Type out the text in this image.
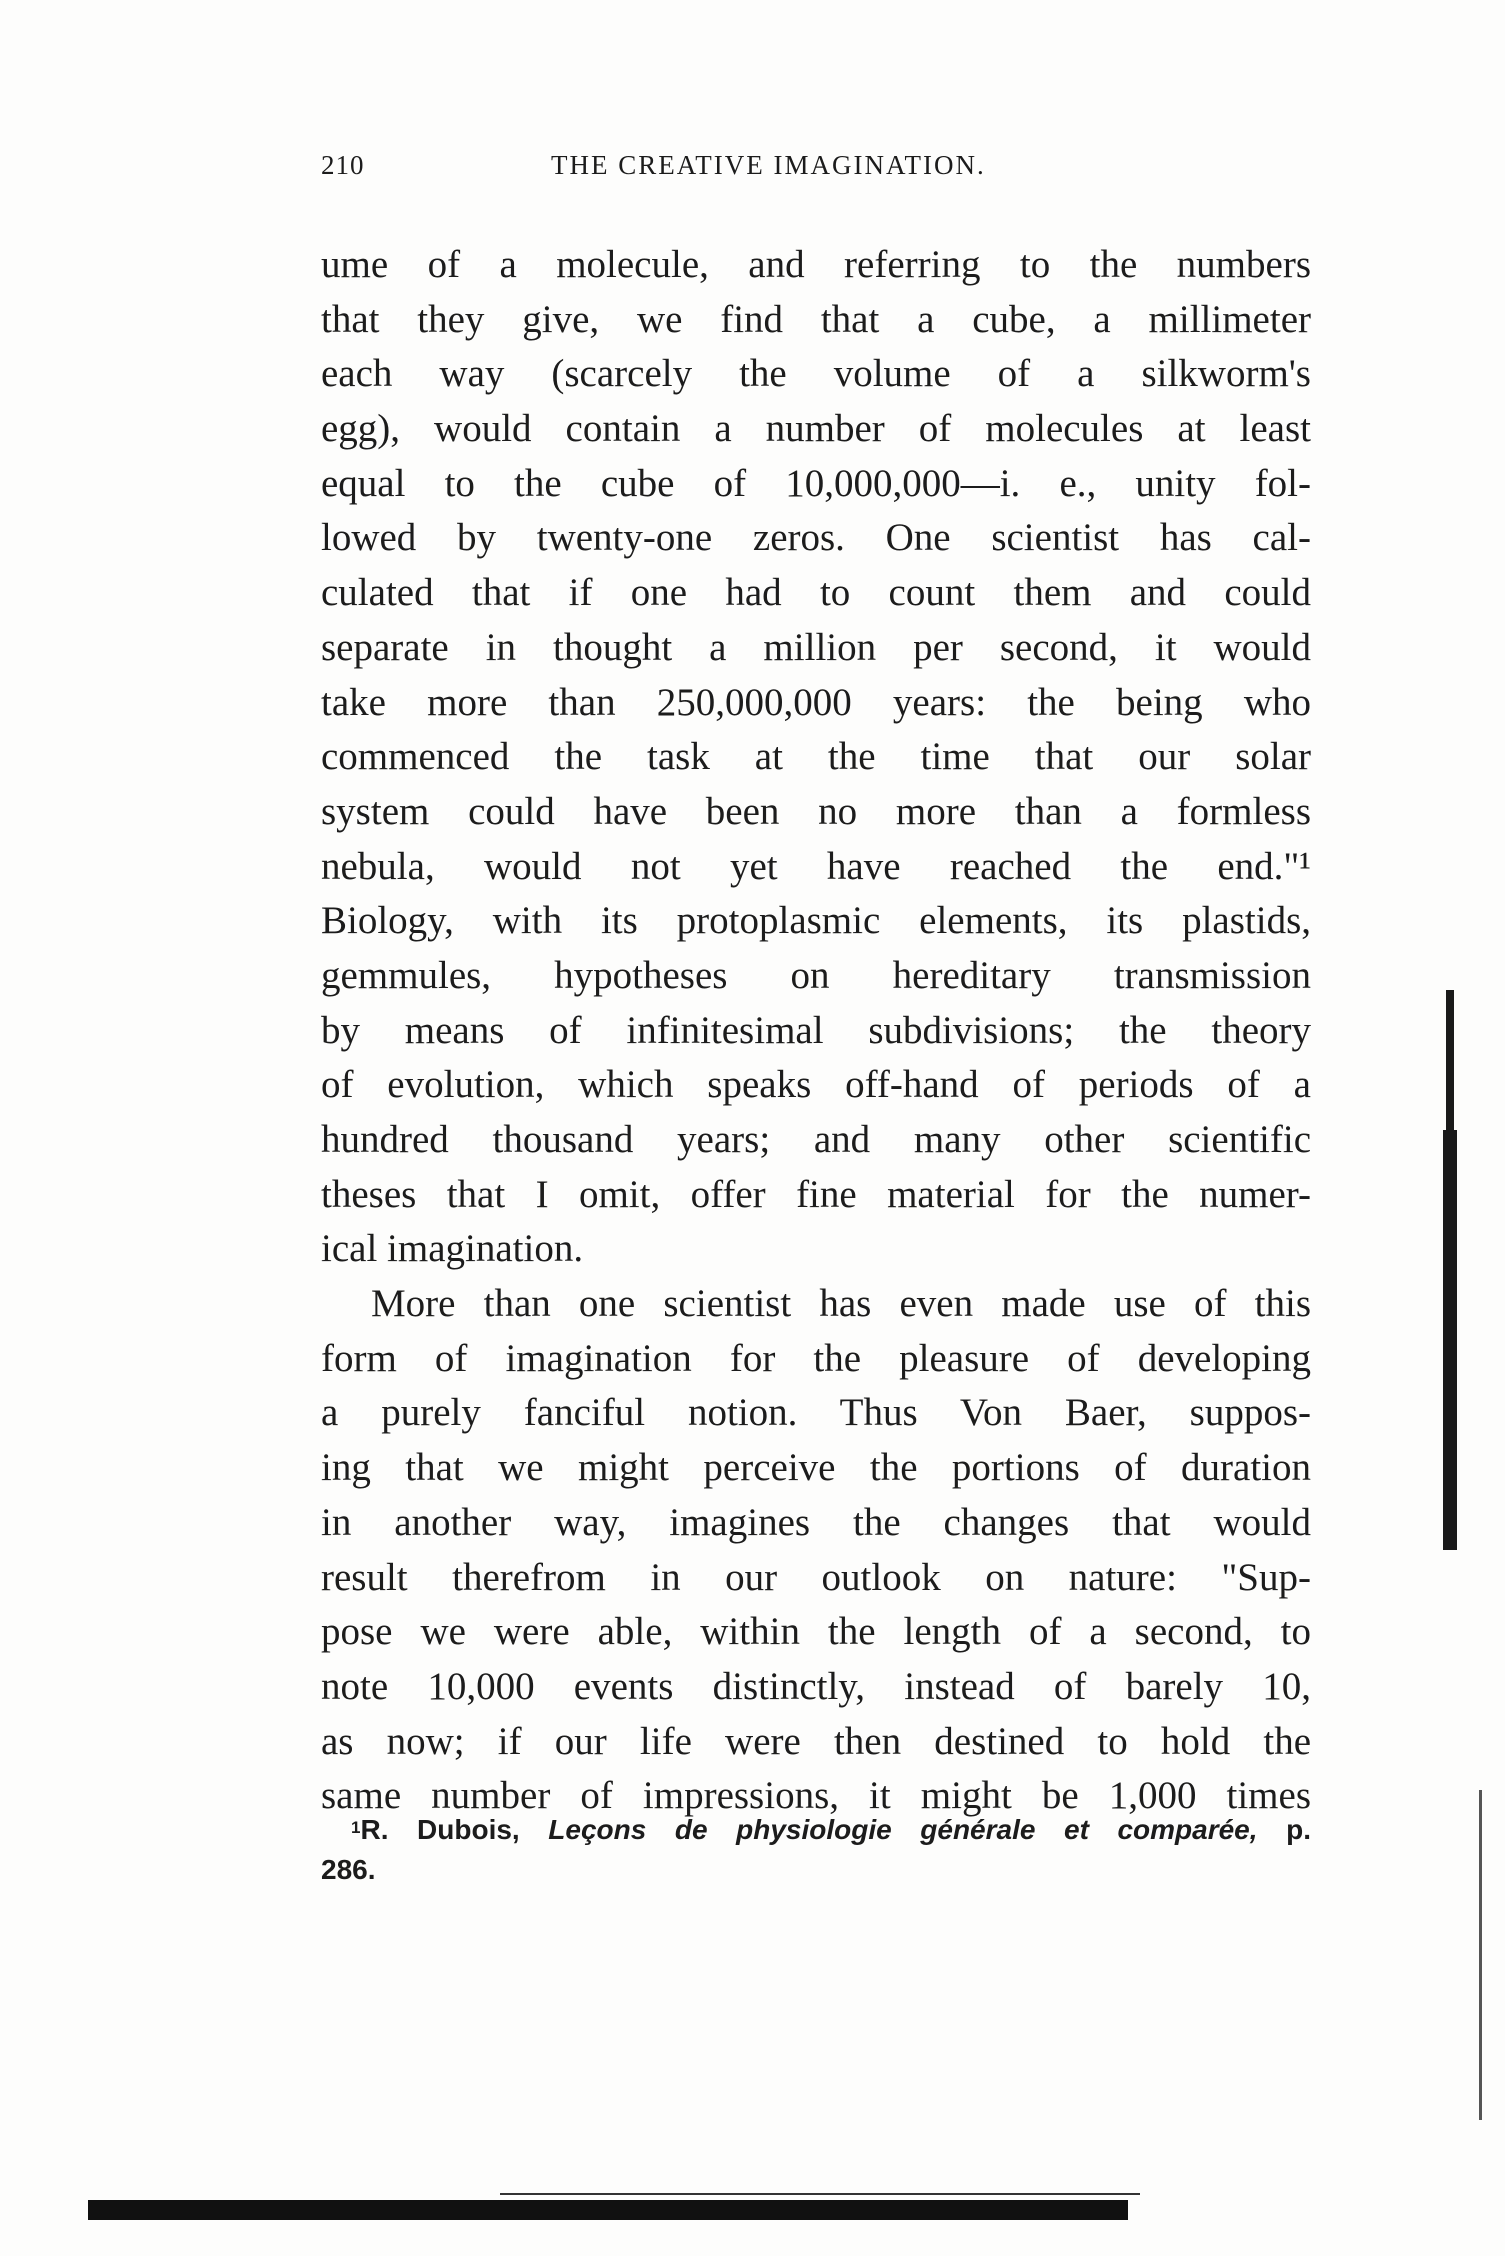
210	THE CREATIVE IMAGINATION.
ume of a molecule, and referring to the numbers
that they give, we find that a cube, a millimeter
each way (scarcely the volume of a silkworm's
egg), would contain a number of molecules at least
equal to the cube of 10,000,000—i. e., unity fol-
lowed by twenty-one zeros. One scientist has cal-
culated that if one had to count them and could
separate in thought a million per second, it would
take more than 250,000,000 years: the being who
commenced the task at the time that our solar
system could have been no more than a formless
nebula, would not yet have reached the end."¹
Biology, with its protoplasmic elements, its plastids,
gemmules, hypotheses on hereditary transmission
by means of infinitesimal subdivisions; the theory
of evolution, which speaks off-hand of periods of a
hundred thousand years; and many other scientific
theses that I omit, offer fine material for the numer-
ical imagination.
More than one scientist has even made use of this
form of imagination for the pleasure of developing
a purely fanciful notion. Thus Von Baer, suppos-
ing that we might perceive the portions of duration
in another way, imagines the changes that would
result therefrom in our outlook on nature: "Sup-
pose we were able, within the length of a second, to
note 10,000 events distinctly, instead of barely 10,
as now; if our life were then destined to hold the
same number of impressions, it might be 1,000 times
$^1$R. Dubois, Leçons de physiologie générale et comparée, p.
286.
